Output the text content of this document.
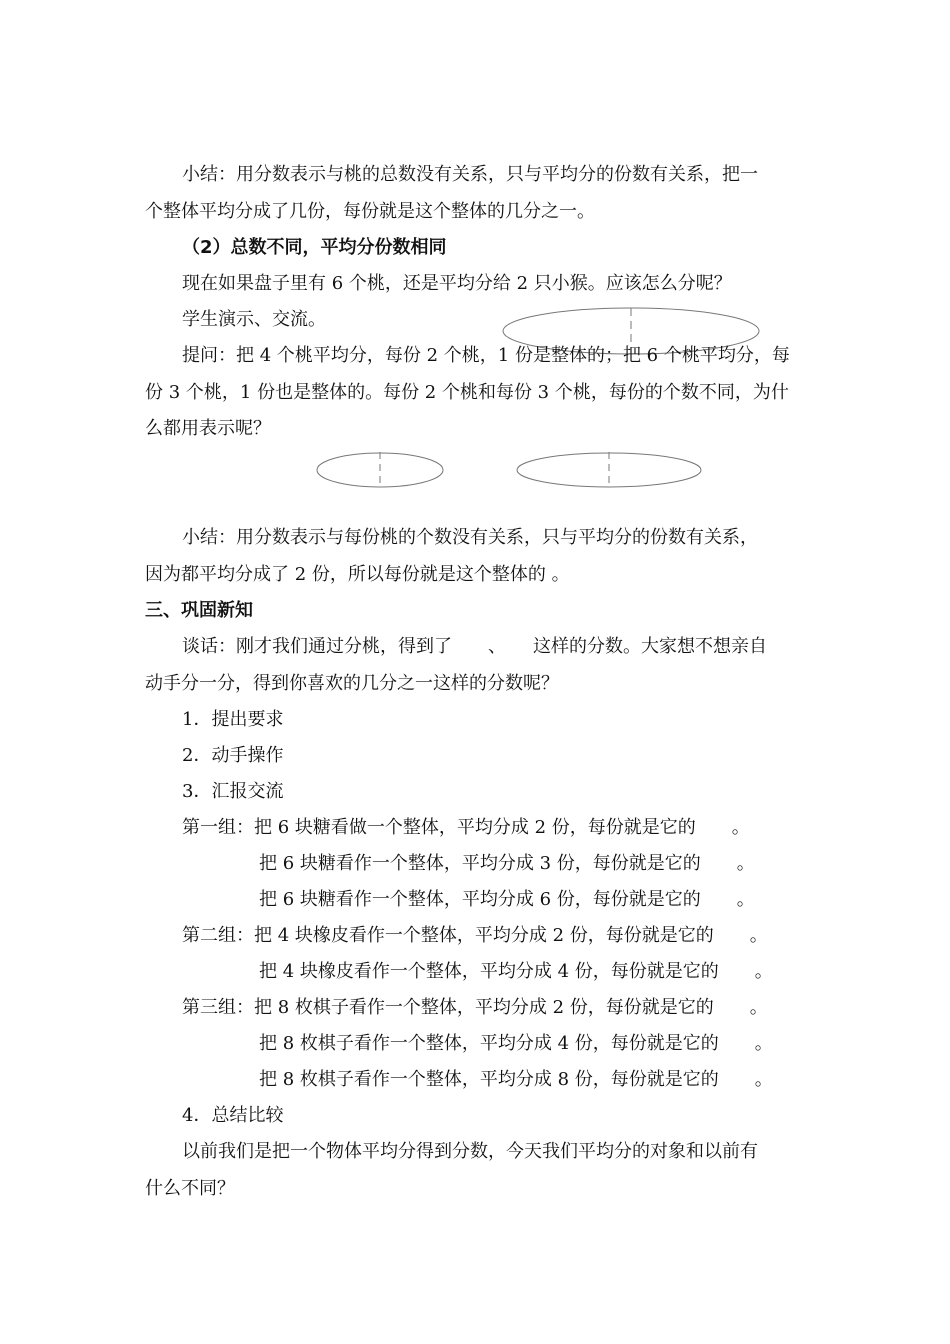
小结：用分数表示与桃的总数没有关系，只与平均分的份数有关系，把一
个整体平均分成了几份，每份就是这个整体的几分之一。
（2）总数不同，平均分份数相同
现在如果盘子里有 6 个桃，还是平均分给 2 只小猴。应该怎么分呢？
学生演示、交流。
提问：把 4 个桃平均分，每份 2 个桃，1 份是整体的；把 6 个桃平均分，每
份 3 个桃，1 份也是整体的。每份 2 个桃和每份 3 个桃，每份的个数不同，为什
么都用表示呢？
小结：用分数表示与每份桃的个数没有关系，只与平均分的份数有关系，
因为都平均分成了 2 份，所以每份就是这个整体的 。
三、巩固新知
谈话：刚才我们通过分桃，得到了　　、　　这样的分数。大家想不想亲自
动手分一分，得到你喜欢的几分之一这样的分数呢？
1．提出要求
2．动手操作
3．汇报交流
第一组：把 6 块糖看做一个整体，平均分成 2 份，每份就是它的　　。
把 6 块糖看作一个整体，平均分成 3 份，每份就是它的　　。
把 6 块糖看作一个整体，平均分成 6 份，每份就是它的　　。
第二组：把 4 块橡皮看作一个整体，平均分成 2 份，每份就是它的　　。
把 4 块橡皮看作一个整体，平均分成 4 份，每份就是它的　　。
第三组：把 8 枚棋子看作一个整体，平均分成 2 份，每份就是它的　　。
把 8 枚棋子看作一个整体，平均分成 4 份，每份就是它的　　。
把 8 枚棋子看作一个整体，平均分成 8 份，每份就是它的　　。
4．总结比较
以前我们是把一个物体平均分得到分数，今天我们平均分的对象和以前有
什么不同？
